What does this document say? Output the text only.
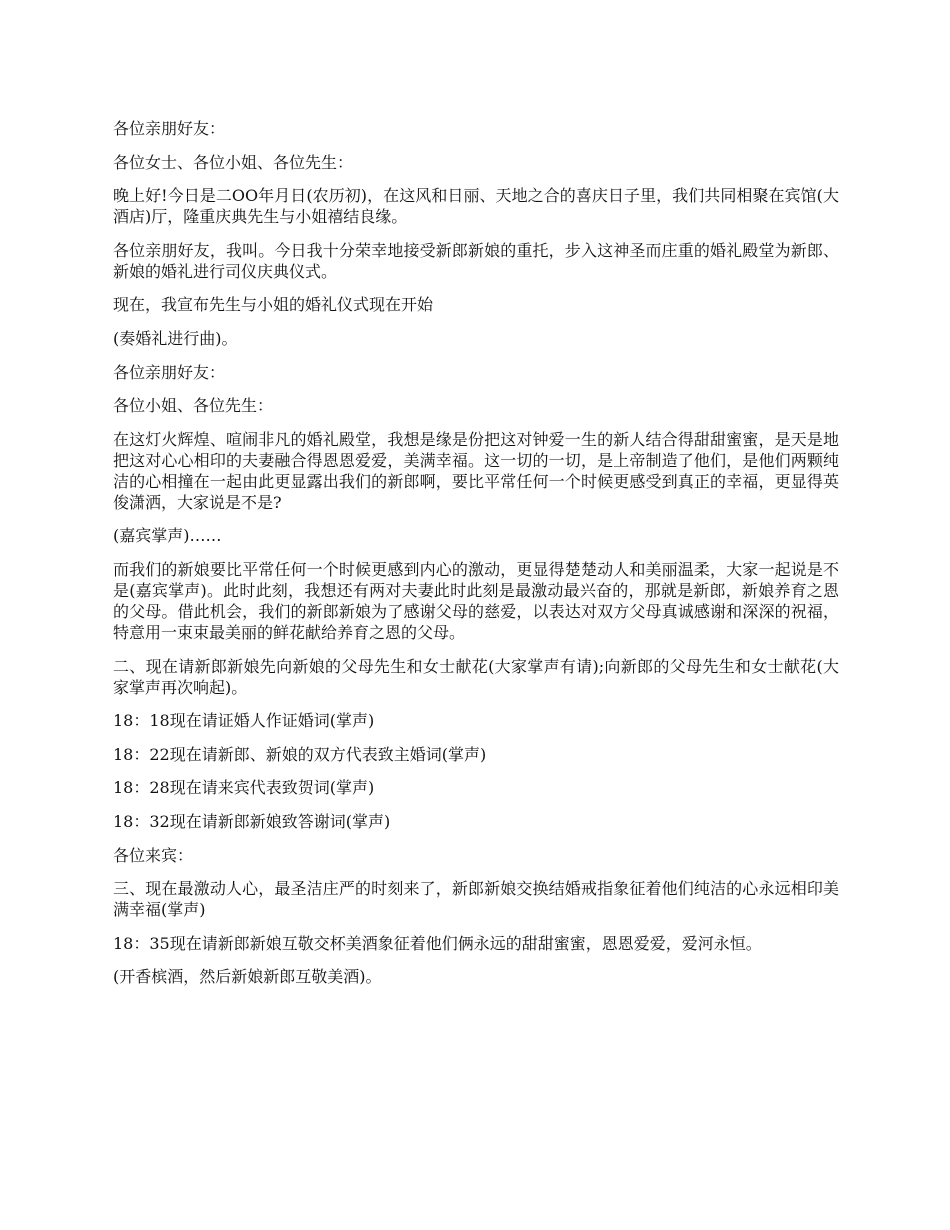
各位亲朋好友：

各位女士、各位小姐、各位先生：

晚上好!今日是二OO年月日(农历初)，在这风和日丽、天地之合的喜庆日子里，我们共同相聚在宾馆(大酒店)厅，隆重庆典先生与小姐禧结良缘。

各位亲朋好友，我叫。今日我十分荣幸地接受新郎新娘的重托，步入这神圣而庄重的婚礼殿堂为新郎、新娘的婚礼进行司仪庆典仪式。

现在，我宣布先生与小姐的婚礼仪式现在开始

(奏婚礼进行曲)。

各位亲朋好友：

各位小姐、各位先生：

在这灯火辉煌、喧闹非凡的婚礼殿堂，我想是缘是份把这对钟爱一生的新人结合得甜甜蜜蜜，是天是地把这对心心相印的夫妻融合得恩恩爱爱，美满幸福。这一切的一切，是上帝制造了他们，是他们两颗纯洁的心相撞在一起由此更显露出我们的新郎啊，要比平常任何一个时候更感受到真正的幸福，更显得英俊潇洒，大家说是不是?

(嘉宾掌声)……

而我们的新娘要比平常任何一个时候更感到内心的激动，更显得楚楚动人和美丽温柔，大家一起说是不是(嘉宾掌声)。此时此刻，我想还有两对夫妻此时此刻是最激动最兴奋的，那就是新郎，新娘养育之恩的父母。借此机会，我们的新郎新娘为了感谢父母的慈爱，以表达对双方父母真诚感谢和深深的祝福，特意用一束束最美丽的鲜花献给养育之恩的父母。

二、现在请新郎新娘先向新娘的父母先生和女士献花(大家掌声有请);向新郎的父母先生和女士献花(大家掌声再次响起)。

18：18现在请证婚人作证婚词(掌声)

18：22现在请新郎、新娘的双方代表致主婚词(掌声)

18：28现在请来宾代表致贺词(掌声)

18：32现在请新郎新娘致答谢词(掌声)

各位来宾：

三、现在最激动人心，最圣洁庄严的时刻来了，新郎新娘交换结婚戒指象征着他们纯洁的心永远相印美满幸福(掌声)

18：35现在请新郎新娘互敬交杯美酒象征着他们俩永远的甜甜蜜蜜，恩恩爱爱，爱河永恒。

(开香槟酒，然后新娘新郎互敬美酒)。
